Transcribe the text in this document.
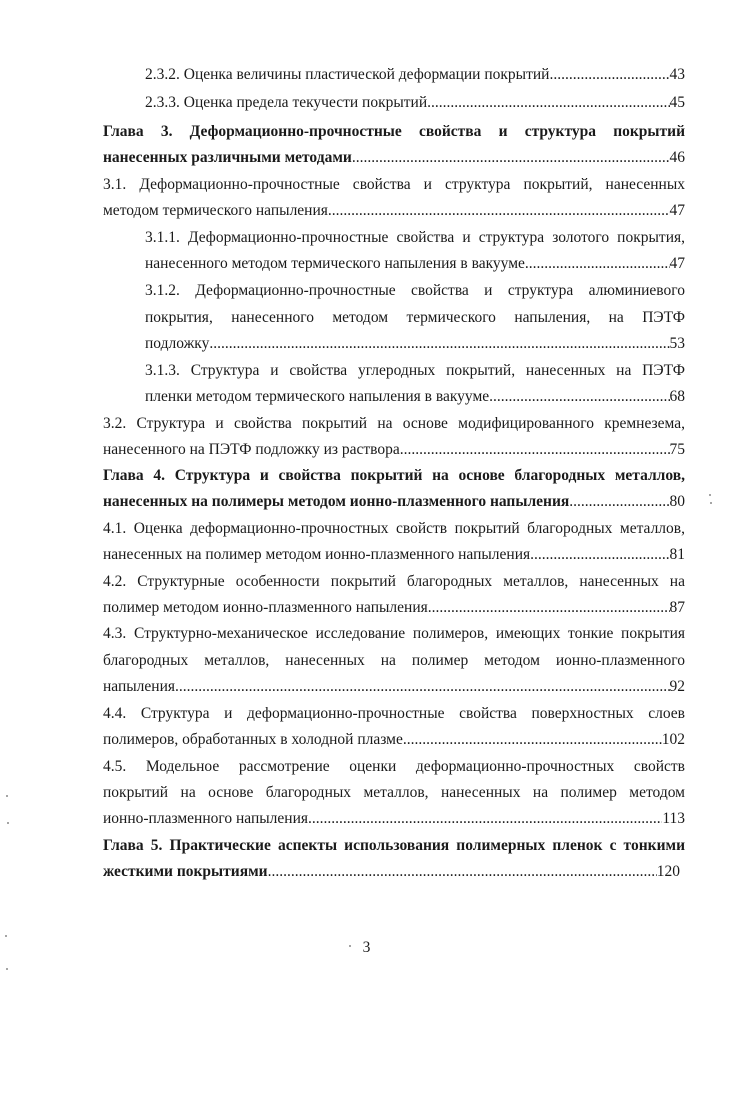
2.3.2. Оценка величины пластической деформации покрытий .....	43
2.3.3. Оценка предела текучести покрытий .....	45
Глава 3. Деформационно-прочностные свойства и структура покрытий
нанесенных различными методами .....	46
3.1. Деформационно-прочностные свойства и структура покрытий, нанесенных
методом термического напыления .....	47
3.1.1. Деформационно-прочностные свойства и структура золотого покрытия,
нанесенного методом термического напыления в вакууме .....	47
3.1.2. Деформационно-прочностные свойства и структура алюминиевого
покрытия, нанесенного методом термического напыления, на ПЭТФ
подложку .....	53
3.1.3. Структура и свойства углеродных покрытий, нанесенных на ПЭТФ
пленки методом термического напыления в вакууме .....	68
3.2. Структура и свойства покрытий на основе модифицированного кремнезема,
нанесенного на ПЭТФ подложку из раствора .....	75
Глава 4. Структура и свойства покрытий на основе благородных металлов,
нанесенных на полимеры методом ионно-плазменного напыления .....	80
4.1. Оценка деформационно-прочностных свойств покрытий благородных металлов,
нанесенных на полимер методом ионно-плазменного напыления .....	81
4.2. Структурные особенности покрытий благородных металлов, нанесенных на
полимер методом ионно-плазменного напыления .....	87
4.3. Структурно-механическое исследование полимеров, имеющих тонкие покрытия
благородных металлов, нанесенных на полимер методом ионно-плазменного
напыления .....	92
4.4. Структура и деформационно-прочностные свойства поверхностных слоев
полимеров, обработанных в холодной плазме .....	102
4.5. Модельное рассмотрение оценки деформационно-прочностных свойств
покрытий на основе благородных металлов, нанесенных на полимер методом
ионно-плазменного напыления .....	113
Глава 5. Практические аспекты использования полимерных пленок с тонкими
жесткими покрытиями .....	120
3
